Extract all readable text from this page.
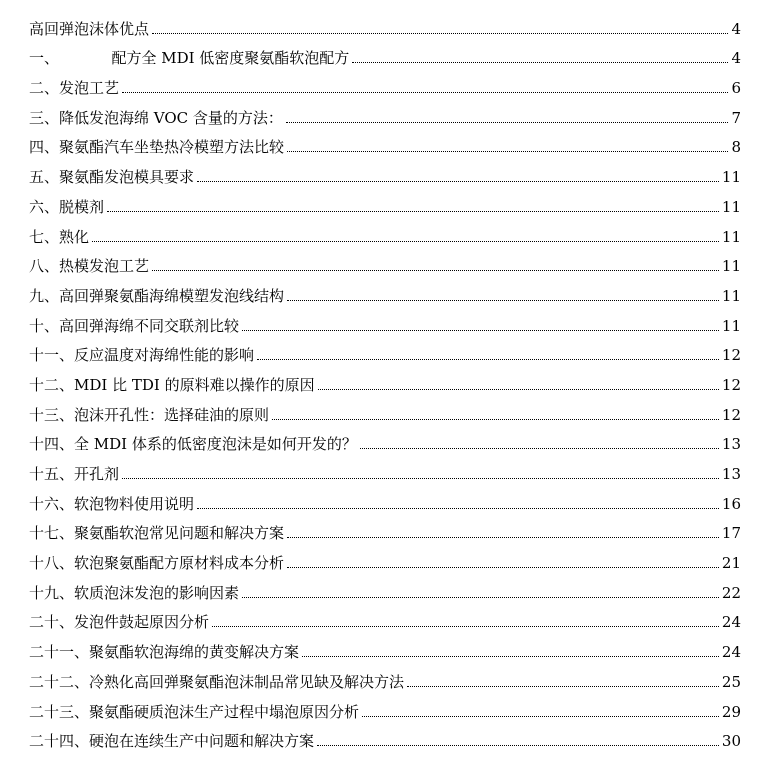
高回弹泡沫体优点	4
一、           配方全 MDI 低密度聚氨酯软泡配方	4
二、发泡工艺	6
三、降低发泡海绵 VOC 含量的方法：	7
四、聚氨酯汽车坐垫热冷模塑方法比较	8
五、聚氨酯发泡模具要求	11
六、脱模剂	11
七、熟化	11
八、热模发泡工艺	11
九、高回弹聚氨酯海绵模塑发泡线结构	11
十、高回弹海绵不同交联剂比较	11
十一、反应温度对海绵性能的影响	12
十二、MDI 比 TDI 的原料难以操作的原因	12
十三、泡沫开孔性：选择硅油的原则	12
十四、全 MDI 体系的低密度泡沫是如何开发的？	13
十五、开孔剂	13
十六、软泡物料使用说明	16
十七、聚氨酯软泡常见问题和解决方案	17
十八、软泡聚氨酯配方原材料成本分析	21
十九、软质泡沫发泡的影响因素	22
二十、发泡件鼓起原因分析	24
二十一、聚氨酯软泡海绵的黄变解决方案	24
二十二、冷熟化高回弹聚氨酯泡沫制品常见缺及解决方法	25
二十三、聚氨酯硬质泡沫生产过程中塌泡原因分析	29
二十四、硬泡在连续生产中问题和解决方案	30
